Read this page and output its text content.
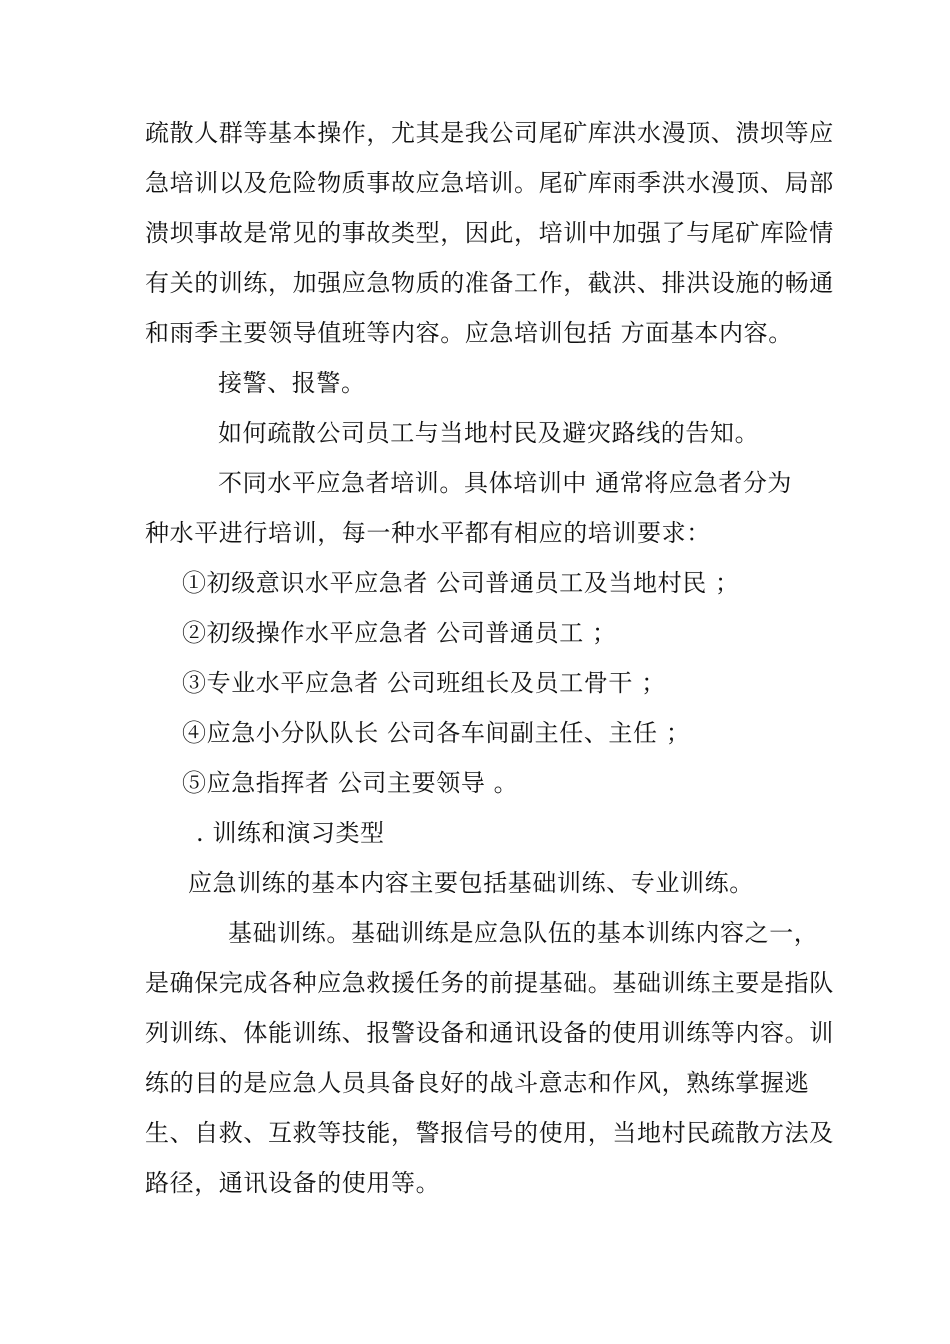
疏散人群等基本操作，尤其是我公司尾矿库洪水漫顶、溃坝等应
急培训以及危险物质事故应急培训。尾矿库雨季洪水漫顶、局部
溃坝事故是常见的事故类型，因此，培训中加强了与尾矿库险情
有关的训练，加强应急物质的准备工作，截洪、排洪设施的畅通
和雨季主要领导值班等内容。应急培训包括 方面基本内容。
接警、报警。
如何疏散公司员工与当地村民及避灾路线的告知。
不同水平应急者培训。具体培训中 通常将应急者分为
种水平进行培训，每一种水平都有相应的培训要求：
①初级意识水平应急者 公司普通员工及当地村民 ；
②初级操作水平应急者 公司普通员工 ；
③专业水平应急者 公司班组长及员工骨干 ；
④应急小分队队长 公司各车间副主任、主任 ；
⑤应急指挥者 公司主要领导 。
. 训练和演习类型
应急训练的基本内容主要包括基础训练、专业训练。
基础训练。基础训练是应急队伍的基本训练内容之一，
是确保完成各种应急救援任务的前提基础。基础训练主要是指队
列训练、体能训练、报警设备和通讯设备的使用训练等内容。训
练的目的是应急人员具备良好的战斗意志和作风，熟练掌握逃
生、自救、互救等技能，警报信号的使用，当地村民疏散方法及
路径，通讯设备的使用等。
